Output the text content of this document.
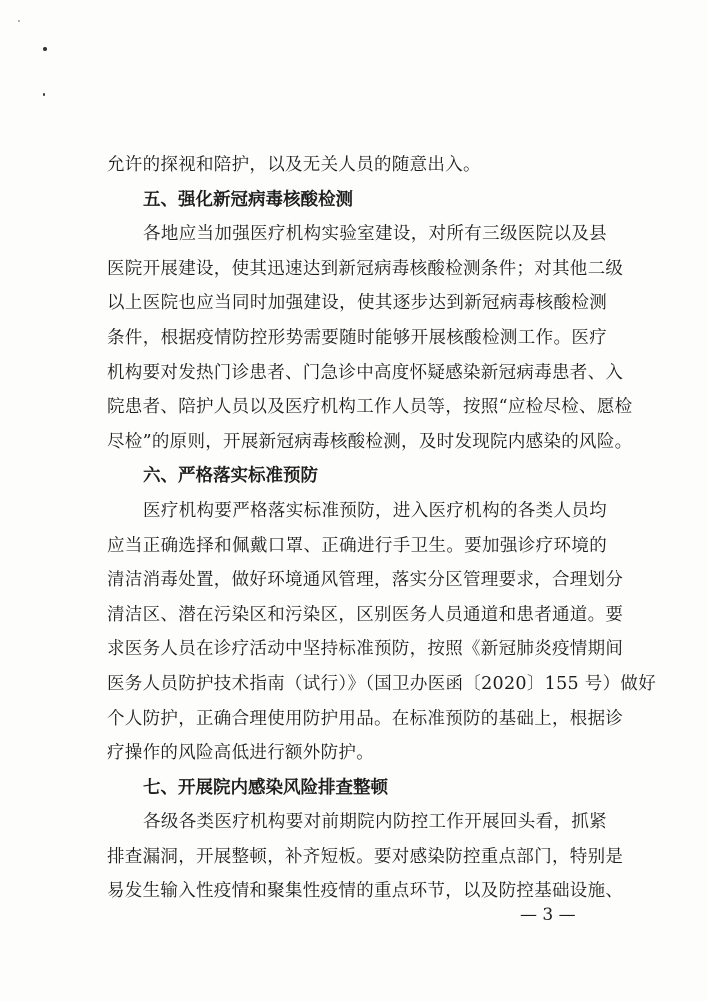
允许的探视和陪护，以及无关人员的随意出入。
五、强化新冠病毒核酸检测
各地应当加强医疗机构实验室建设，对所有三级医院以及县
医院开展建设，使其迅速达到新冠病毒核酸检测条件；对其他二级
以上医院也应当同时加强建设，使其逐步达到新冠病毒核酸检测
条件，根据疫情防控形势需要随时能够开展核酸检测工作。医疗
机构要对发热门诊患者、门急诊中高度怀疑感染新冠病毒患者、入
院患者、陪护人员以及医疗机构工作人员等，按照“应检尽检、愿检
尽检”的原则，开展新冠病毒核酸检测，及时发现院内感染的风险。
六、严格落实标准预防
医疗机构要严格落实标准预防，进入医疗机构的各类人员均
应当正确选择和佩戴口罩、正确进行手卫生。要加强诊疗环境的
清洁消毒处置，做好环境通风管理，落实分区管理要求，合理划分
清洁区、潜在污染区和污染区，区别医务人员通道和患者通道。要
求医务人员在诊疗活动中坚持标准预防，按照《新冠肺炎疫情期间
医务人员防护技术指南（试行）》（国卫办医函〔2020〕155 号）做好
个人防护，正确合理使用防护用品。在标准预防的基础上，根据诊
疗操作的风险高低进行额外防护。
七、开展院内感染风险排查整顿
各级各类医疗机构要对前期院内防控工作开展回头看，抓紧
排查漏洞，开展整顿，补齐短板。要对感染防控重点部门，特别是
易发生输入性疫情和聚集性疫情的重点环节，以及防控基础设施、
— 3 —
